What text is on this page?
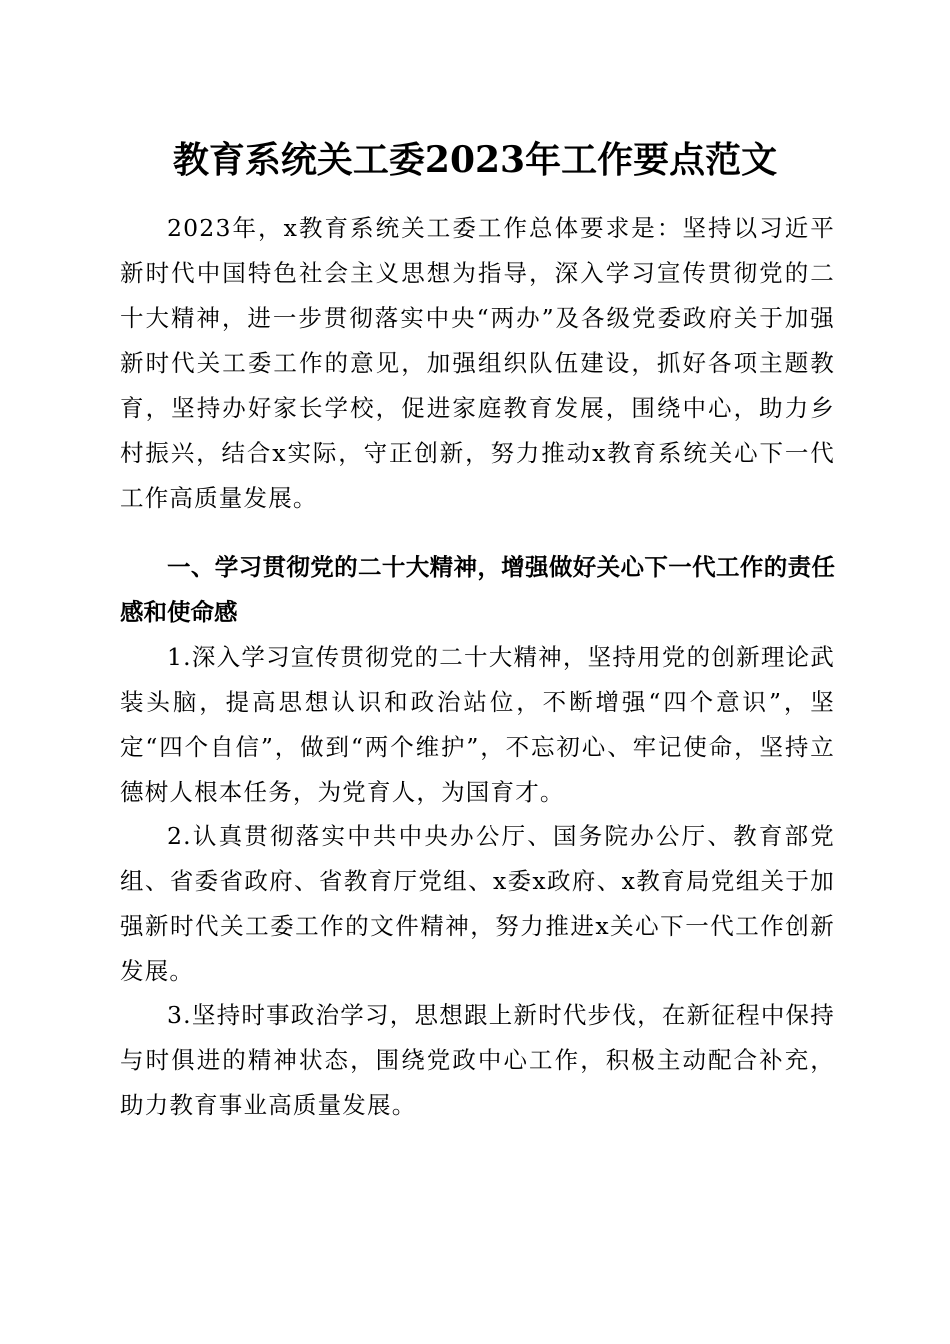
教育系统关工委2023年工作要点范文

2023年，x教育系统关工委工作总体要求是：坚持以习近平新时代中国特色社会主义思想为指导，深入学习宣传贯彻党的二十大精神，进一步贯彻落实中央“两办”及各级党委政府关于加强新时代关工委工作的意见，加强组织队伍建设，抓好各项主题教育，坚持办好家长学校，促进家庭教育发展，围绕中心，助力乡村振兴，结合x实际，守正创新，努力推动x教育系统关心下一代工作高质量发展。

一、学习贯彻党的二十大精神，增强做好关心下一代工作的责任感和使命感

1.深入学习宣传贯彻党的二十大精神，坚持用党的创新理论武装头脑，提高思想认识和政治站位，不断增强“四个意识”，坚定“四个自信”，做到“两个维护”，不忘初心、牢记使命，坚持立德树人根本任务，为党育人，为国育才。

2.认真贯彻落实中共中央办公厅、国务院办公厅、教育部党组、省委省政府、省教育厅党组、x委x政府、x教育局党组关于加强新时代关工委工作的文件精神，努力推进x关心下一代工作创新发展。

3.坚持时事政治学习，思想跟上新时代步伐，在新征程中保持与时俱进的精神状态，围绕党政中心工作，积极主动配合补充，助力教育事业高质量发展。
